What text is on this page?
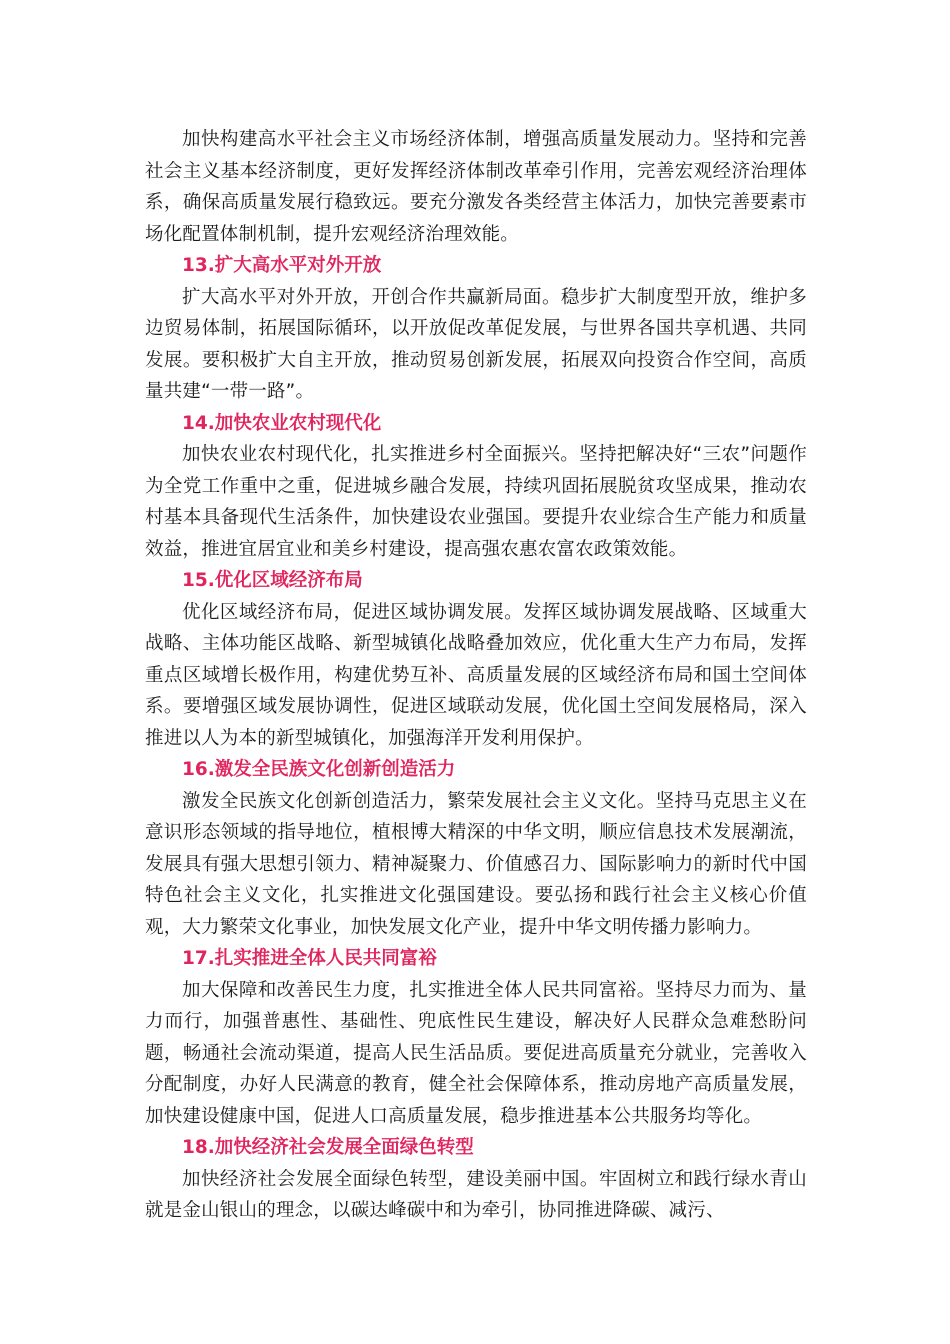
加快构建高水平社会主义市场经济体制，增强高质量发展动力。坚持和完善社会主义基本经济制度，更好发挥经济体制改革牵引作用，完善宏观经济治理体系，确保高质量发展行稳致远。要充分激发各类经营主体活力，加快完善要素市场化配置体制机制，提升宏观经济治理效能。

13.扩大高水平对外开放

扩大高水平对外开放，开创合作共赢新局面。稳步扩大制度型开放，维护多边贸易体制，拓展国际循环，以开放促改革促发展，与世界各国共享机遇、共同发展。要积极扩大自主开放，推动贸易创新发展，拓展双向投资合作空间，高质量共建“一带一路”。

14.加快农业农村现代化

加快农业农村现代化，扎实推进乡村全面振兴。坚持把解决好“三农”问题作为全党工作重中之重，促进城乡融合发展，持续巩固拓展脱贫攻坚成果，推动农村基本具备现代生活条件，加快建设农业强国。要提升农业综合生产能力和质量效益，推进宜居宜业和美乡村建设，提高强农惠农富农政策效能。

15.优化区域经济布局

优化区域经济布局，促进区域协调发展。发挥区域协调发展战略、区域重大战略、主体功能区战略、新型城镇化战略叠加效应，优化重大生产力布局，发挥重点区域增长极作用，构建优势互补、高质量发展的区域经济布局和国土空间体系。要增强区域发展协调性，促进区域联动发展，优化国土空间发展格局，深入推进以人为本的新型城镇化，加强海洋开发利用保护。

16.激发全民族文化创新创造活力

激发全民族文化创新创造活力，繁荣发展社会主义文化。坚持马克思主义在意识形态领域的指导地位，植根博大精深的中华文明，顺应信息技术发展潮流，发展具有强大思想引领力、精神凝聚力、价值感召力、国际影响力的新时代中国特色社会主义文化，扎实推进文化强国建设。要弘扬和践行社会主义核心价值观，大力繁荣文化事业，加快发展文化产业，提升中华文明传播力影响力。

17.扎实推进全体人民共同富裕

加大保障和改善民生力度，扎实推进全体人民共同富裕。坚持尽力而为、量力而行，加强普惠性、基础性、兜底性民生建设，解决好人民群众急难愁盼问题，畅通社会流动渠道，提高人民生活品质。要促进高质量充分就业，完善收入分配制度，办好人民满意的教育，健全社会保障体系，推动房地产高质量发展，加快建设健康中国，促进人口高质量发展，稳步推进基本公共服务均等化。

18.加快经济社会发展全面绿色转型

加快经济社会发展全面绿色转型，建设美丽中国。牢固树立和践行绿水青山就是金山银山的理念，以碳达峰碳中和为牵引，协同推进降碳、减污、
